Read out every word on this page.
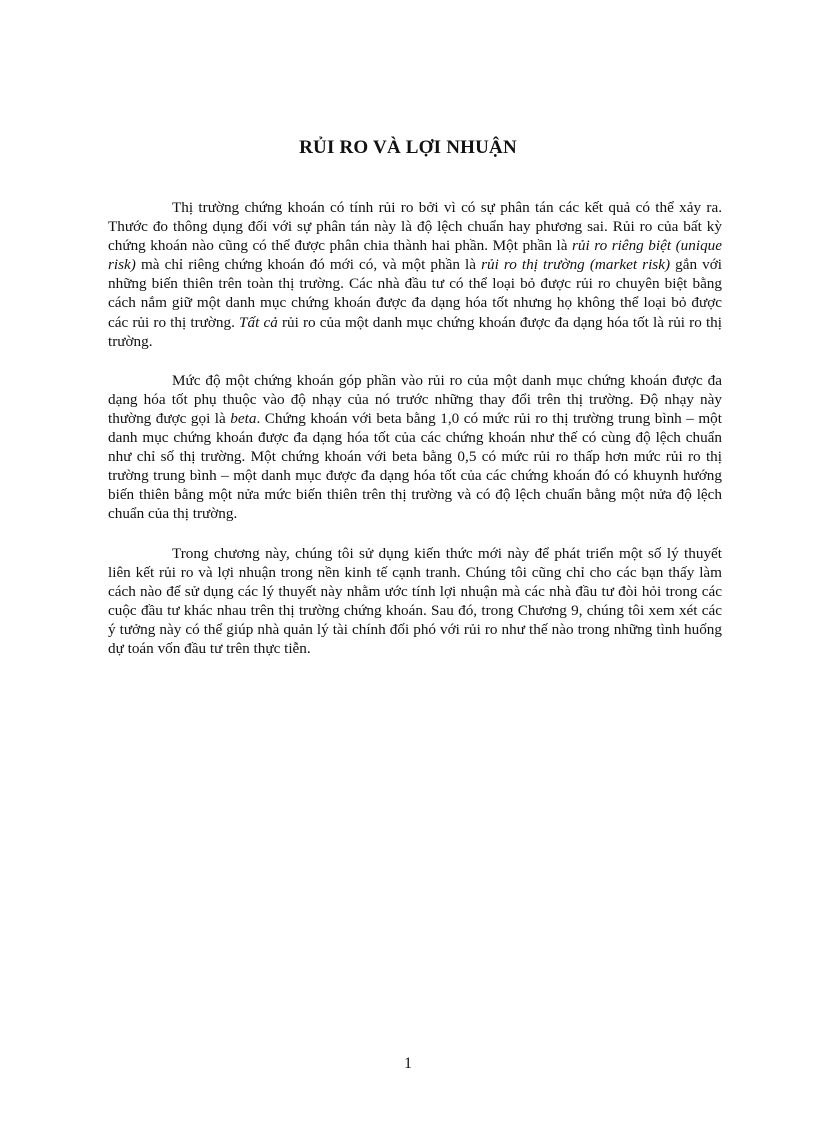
RỦI RO VÀ LỢI NHUẬN

Thị trường chứng khoán có tính rủi ro bởi vì có sự phân tán các kết quả có thể xảy ra. Thước đo thông dụng đối với sự phân tán này là độ lệch chuẩn hay phương sai. Rủi ro của bất kỳ chứng khoán nào cũng có thể được phân chia thành hai phần. Một phần là rủi ro riêng biệt (unique risk) mà chỉ riêng chứng khoán đó mới có, và một phần là rủi ro thị trường (market risk) gắn với những biến thiên trên toàn thị trường. Các nhà đầu tư có thể loại bỏ được rủi ro chuyên biệt bằng cách nắm giữ một danh mục chứng khoán được đa dạng hóa tốt nhưng họ không thể loại bỏ được các rủi ro thị trường. Tất cả rủi ro của một danh mục chứng khoán được đa dạng hóa tốt là rủi ro thị trường.

Mức độ một chứng khoán góp phần vào rủi ro của một danh mục chứng khoán được đa dạng hóa tốt phụ thuộc vào độ nhạy của nó trước những thay đổi trên thị trường. Độ nhạy này thường được gọi là beta. Chứng khoán với beta bằng 1,0 có mức rủi ro thị trường trung bình – một danh mục chứng khoán được đa dạng hóa tốt của các chứng khoán như thế có cùng độ lệch chuẩn như chỉ số thị trường. Một chứng khoán với beta bằng 0,5 có mức rủi ro thấp hơn mức rủi ro thị trường trung bình – một danh mục được đa dạng hóa tốt của các chứng khoán đó có khuynh hướng biến thiên bằng một nửa mức biến thiên trên thị trường và có độ lệch chuẩn bằng một nửa độ lệch chuẩn của thị trường.

Trong chương này, chúng tôi sử dụng kiến thức mới này để phát triển một số lý thuyết liên kết rủi ro và lợi nhuận trong nền kinh tế cạnh tranh. Chúng tôi cũng chỉ cho các bạn thấy làm cách nào để sử dụng các lý thuyết này nhằm ước tính lợi nhuận mà các nhà đầu tư đòi hỏi trong các cuộc đầu tư khác nhau trên thị trường chứng khoán. Sau đó, trong Chương 9, chúng tôi xem xét các ý tưởng này có thể giúp nhà quản lý tài chính đối phó với rủi ro như thế nào trong những tình huống dự toán vốn đầu tư trên thực tiễn.

1
